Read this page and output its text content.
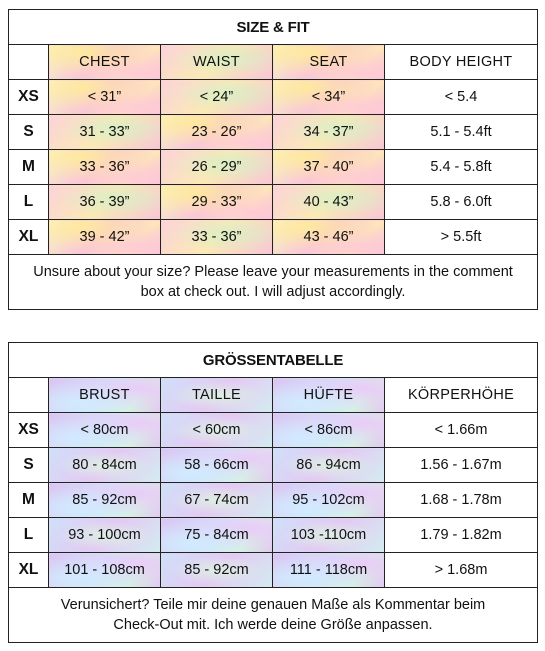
SIZE & FIT				
	CHEST	WAIST	SEAT	BODY HEIGHT
XS	< 31”	< 24”	< 34”	< 5.4
S	31 - 33”	23 - 26”	34 - 37”	5.1 - 5.4ft
M	33 - 36”	26 - 29”	37 - 40”	5.4 - 5.8ft
L	36 - 39”	29 - 33”	40 - 43”	5.8 - 6.0ft
XL	39 - 42”	33 - 36”	43 - 46”	> 5.5ft
Unsure about your size? Please leave your measurements in the comment
box at check out. I will adjust accordingly.				
GRÖSSENTABELLE				
	BRUST	TAILLE	HÜFTE	KÖRPERHÖHE
XS	< 80cm	< 60cm	< 86cm	< 1.66m
S	80 - 84cm	58 - 66cm	86 - 94cm	1.56 - 1.67m
M	85 - 92cm	67 - 74cm	95 - 102cm	1.68 - 1.78m
L	93 - 100cm	75 - 84cm	103 -110cm	1.79 - 1.82m
XL	101 - 108cm	85 - 92cm	111 - 118cm	> 1.68m
Verunsichert? Teile mir deine genauen Maße als Kommentar beim
Check-Out mit. Ich werde deine Größe anpassen.				
